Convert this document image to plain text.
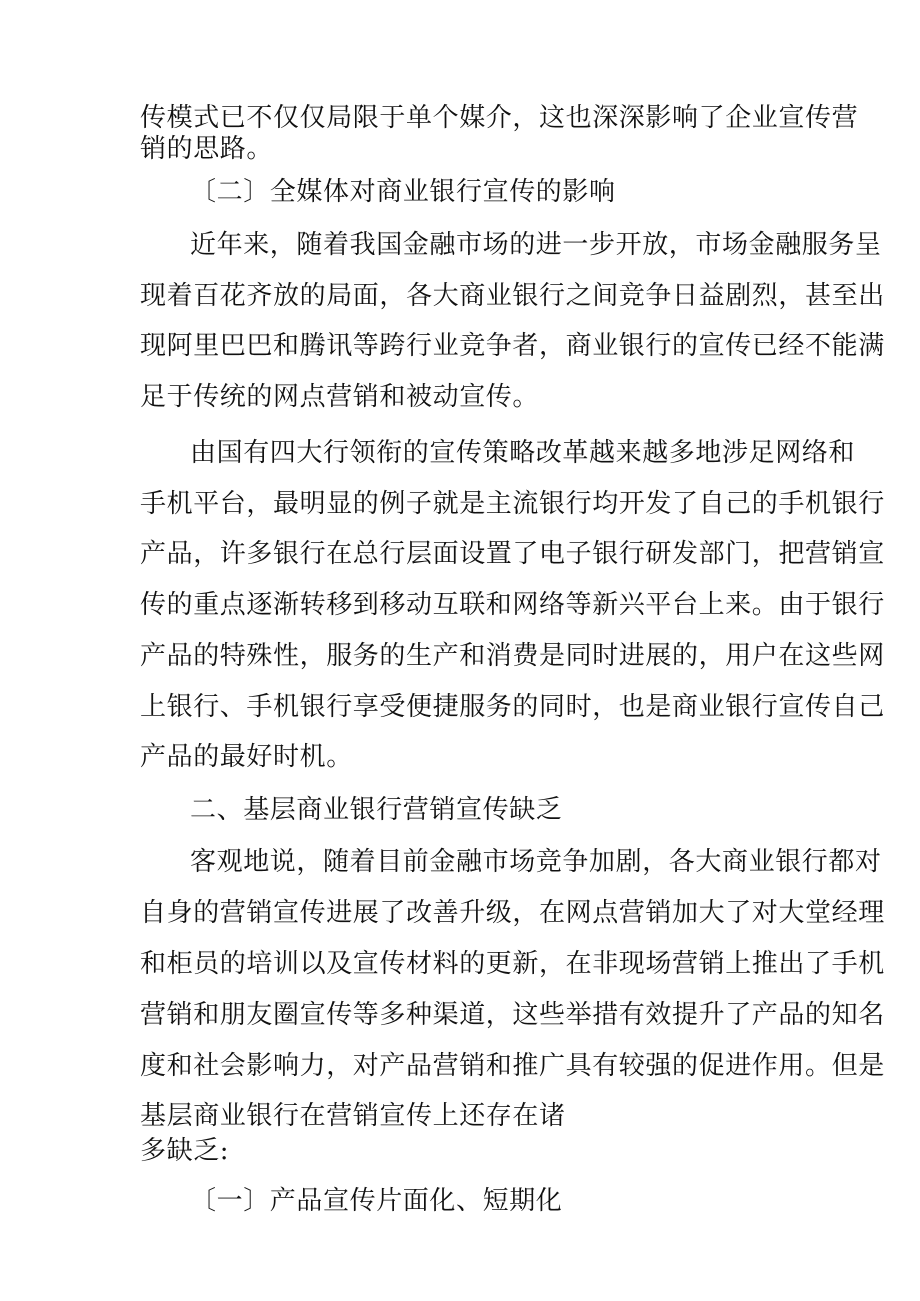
传模式已不仅仅局限于单个媒介，这也深深影响了企业宣传营
销的思路。
〔二〕全媒体对商业银行宣传的影响
近年来，随着我国金融市场的进一步开放，市场金融服务呈
现着百花齐放的局面，各大商业银行之间竞争日益剧烈，甚至出
现阿里巴巴和腾讯等跨行业竞争者，商业银行的宣传已经不能满
足于传统的网点营销和被动宣传。
由国有四大行领衔的宣传策略改革越来越多地涉足网络和
手机平台，最明显的例子就是主流银行均开发了自己的手机银行
产品，许多银行在总行层面设置了电子银行研发部门，把营销宣
传的重点逐渐转移到移动互联和网络等新兴平台上来。由于银行
产品的特殊性，服务的生产和消费是同时进展的，用户在这些网
上银行、手机银行享受便捷服务的同时，也是商业银行宣传自己
产品的最好时机。
二、基层商业银行营销宣传缺乏
客观地说，随着目前金融市场竞争加剧，各大商业银行都对
自身的营销宣传进展了改善升级，在网点营销加大了对大堂经理
和柜员的培训以及宣传材料的更新，在非现场营销上推出了手机
营销和朋友圈宣传等多种渠道，这些举措有效提升了产品的知名
度和社会影响力，对产品营销和推广具有较强的促进作用。但是
基层商业银行在营销宣传上还存在诸
多缺乏:
〔一〕产品宣传片面化、短期化
